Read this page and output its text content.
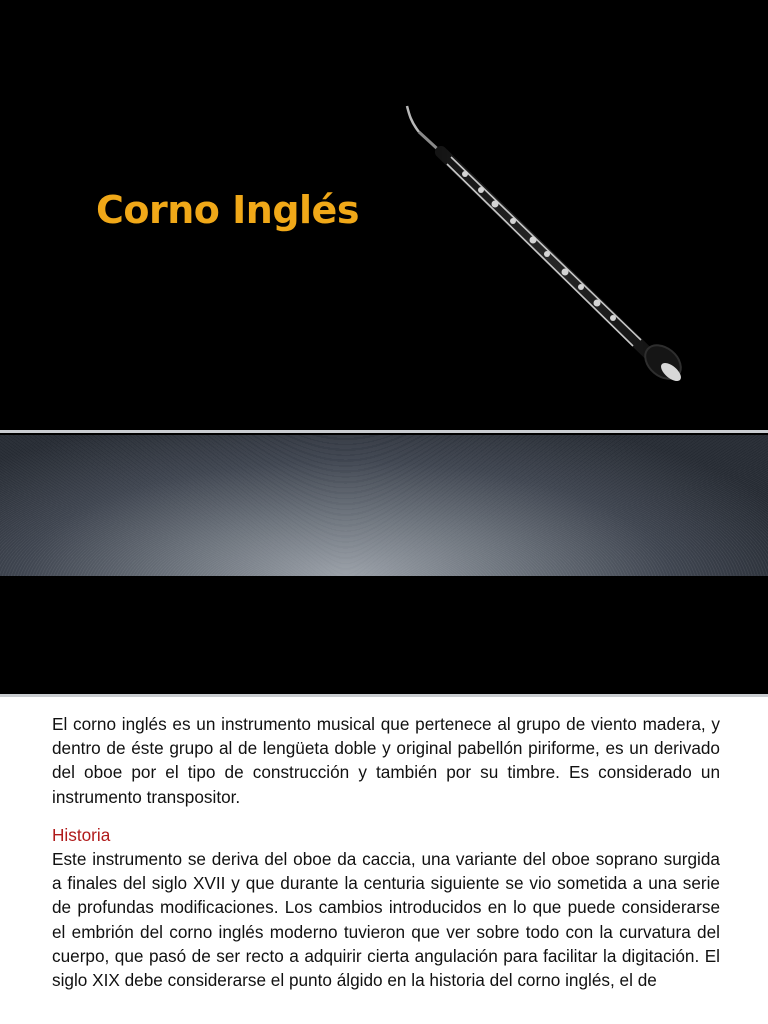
Corno Inglés

El corno inglés es un instrumento musical que pertenece al grupo de viento madera, y dentro de éste grupo al de lengüeta doble y original pabellón piriforme, es un derivado del oboe por el tipo de construcción y también por su timbre. Es considerado un instrumento transpositor.

Historia

Este instrumento se deriva del oboe da caccia, una variante del oboe soprano surgida a finales del siglo XVII y que durante la centuria siguiente se vio sometida a una serie de profundas modificaciones. Los cambios introducidos en lo que puede considerarse el embrión del corno inglés moderno tuvieron que ver sobre todo con la curvatura del cuerpo, que pasó de ser recto a adquirir cierta angulación para facilitar la digitación. El siglo XIX debe considerarse el punto álgido en la historia del corno inglés, el de
